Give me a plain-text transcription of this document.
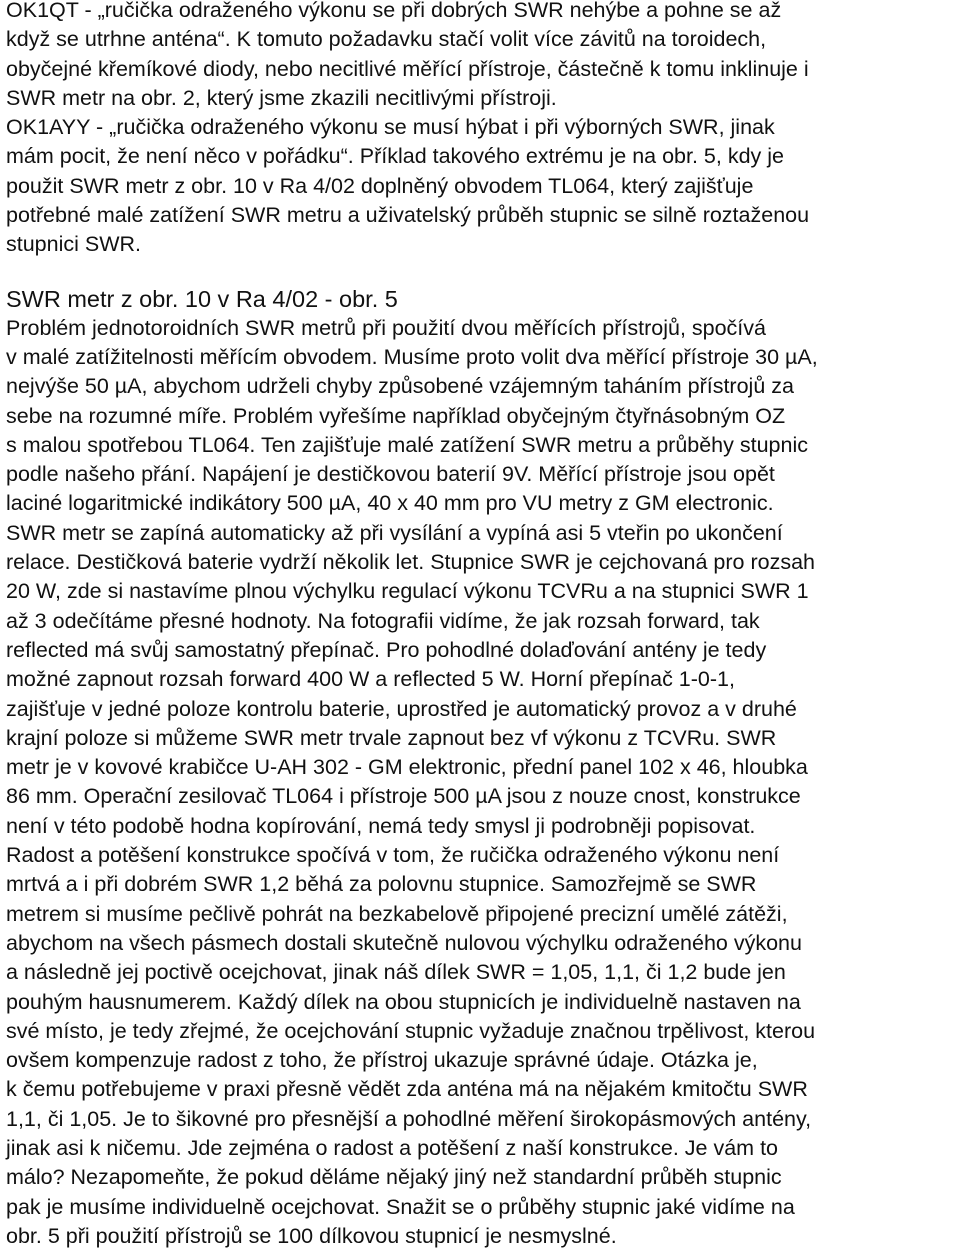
OK1QT - „ručička odraženého výkonu se při dobrých SWR nehýbe a pohne se až
když se utrhne anténa“. K tomuto požadavku stačí volit více závitů na toroidech,
obyčejné křemíkové diody, nebo necitlivé měřící přístroje, částečně k tomu inklinuje i
SWR metr na obr. 2, který jsme zkazili necitlivými přístroji.

OK1AYY - „ručička odraženého výkonu se musí hýbat i při výborných SWR, jinak
mám pocit, že není něco v pořádku“. Příklad takového extrému je na obr. 5, kdy je
použit SWR metr z obr. 10 v Ra 4/02 doplněný obvodem TL064, který zajišťuje
potřebné malé zatížení SWR metru a uživatelský průběh stupnic se silně roztaženou
stupnici SWR.

SWR metr z obr. 10 v Ra 4/02 - obr. 5

Problém jednotoroidních SWR metrů při použití dvou měřících přístrojů, spočívá
v malé zatížitelnosti měřícím obvodem. Musíme proto volit dva měřící přístroje 30 µA,
nejvýše 50 µA, abychom udrželi chyby způsobené vzájemným taháním přístrojů za
sebe na rozumné míře. Problém vyřešíme například obyčejným čtyřnásobným OZ
s malou spotřebou TL064. Ten zajišťuje malé zatížení SWR metru a průběhy stupnic
podle našeho přání. Napájení je destičkovou baterií 9V. Měřící přístroje jsou opět
laciné logaritmické indikátory 500 µA, 40 x 40 mm pro VU metry z GM electronic.
SWR metr se zapíná automaticky až při vysílání a vypíná asi 5 vteřin po ukončení
relace. Destičková baterie vydrží několik let. Stupnice SWR je cejchovaná pro rozsah
20 W, zde si nastavíme plnou výchylku regulací výkonu TCVRu a na stupnici SWR 1
až 3 odečítáme přesné hodnoty. Na fotografii vidíme, že jak rozsah forward, tak
reflected má svůj samostatný přepínač. Pro pohodlné dolaďování antény je tedy
možné zapnout rozsah forward 400 W a reflected 5 W. Horní přepínač 1-0-1,
zajišťuje v jedné poloze kontrolu baterie, uprostřed je automatický provoz a v druhé
krajní poloze si můžeme SWR metr trvale zapnout bez vf výkonu z TCVRu. SWR
metr je v kovové krabičce U-AH 302 - GM elektronic, přední panel 102 x 46, hloubka
86 mm. Operační zesilovač TL064 i přístroje 500 µA jsou z nouze cnost, konstrukce
není v této podobě hodna kopírování, nemá tedy smysl ji podrobněji popisovat.
Radost a potěšení konstrukce spočívá v tom, že ručička odraženého výkonu není
mrtvá a i při dobrém SWR 1,2 běhá za polovnu stupnice. Samozřejmě se SWR
metrem si musíme pečlivě pohrát na bezkabelově připojené precizní umělé zátěži,
abychom na všech pásmech dostali skutečně nulovou výchylku odraženého výkonu
a následně jej poctivě ocejchovat, jinak náš dílek SWR = 1,05, 1,1, či 1,2 bude jen
pouhým hausnumerem. Každý dílek na obou stupnicích je individuelně nastaven na
své místo, je tedy zřejmé, že ocejchování stupnic vyžaduje značnou trpělivost, kterou
ovšem kompenzuje radost z toho, že přístroj ukazuje správné údaje. Otázka je,
k čemu potřebujeme v praxi přesně vědět zda anténa má na nějakém kmitočtu SWR
1,1, či 1,05. Je to šikovné pro přesnější a pohodlné měření širokopásmových antény,
jinak asi k ničemu. Jde zejména o radost a potěšení z naší konstrukce. Je vám to
málo? Nezapomeňte, že pokud děláme nějaký jiný než standardní průběh stupnic
pak je musíme individuelně ocejchovat. Snažit se o průběhy stupnic jaké vidíme na
obr. 5 při použití přístrojů se 100 dílkovou stupnicí je nesmyslné.
